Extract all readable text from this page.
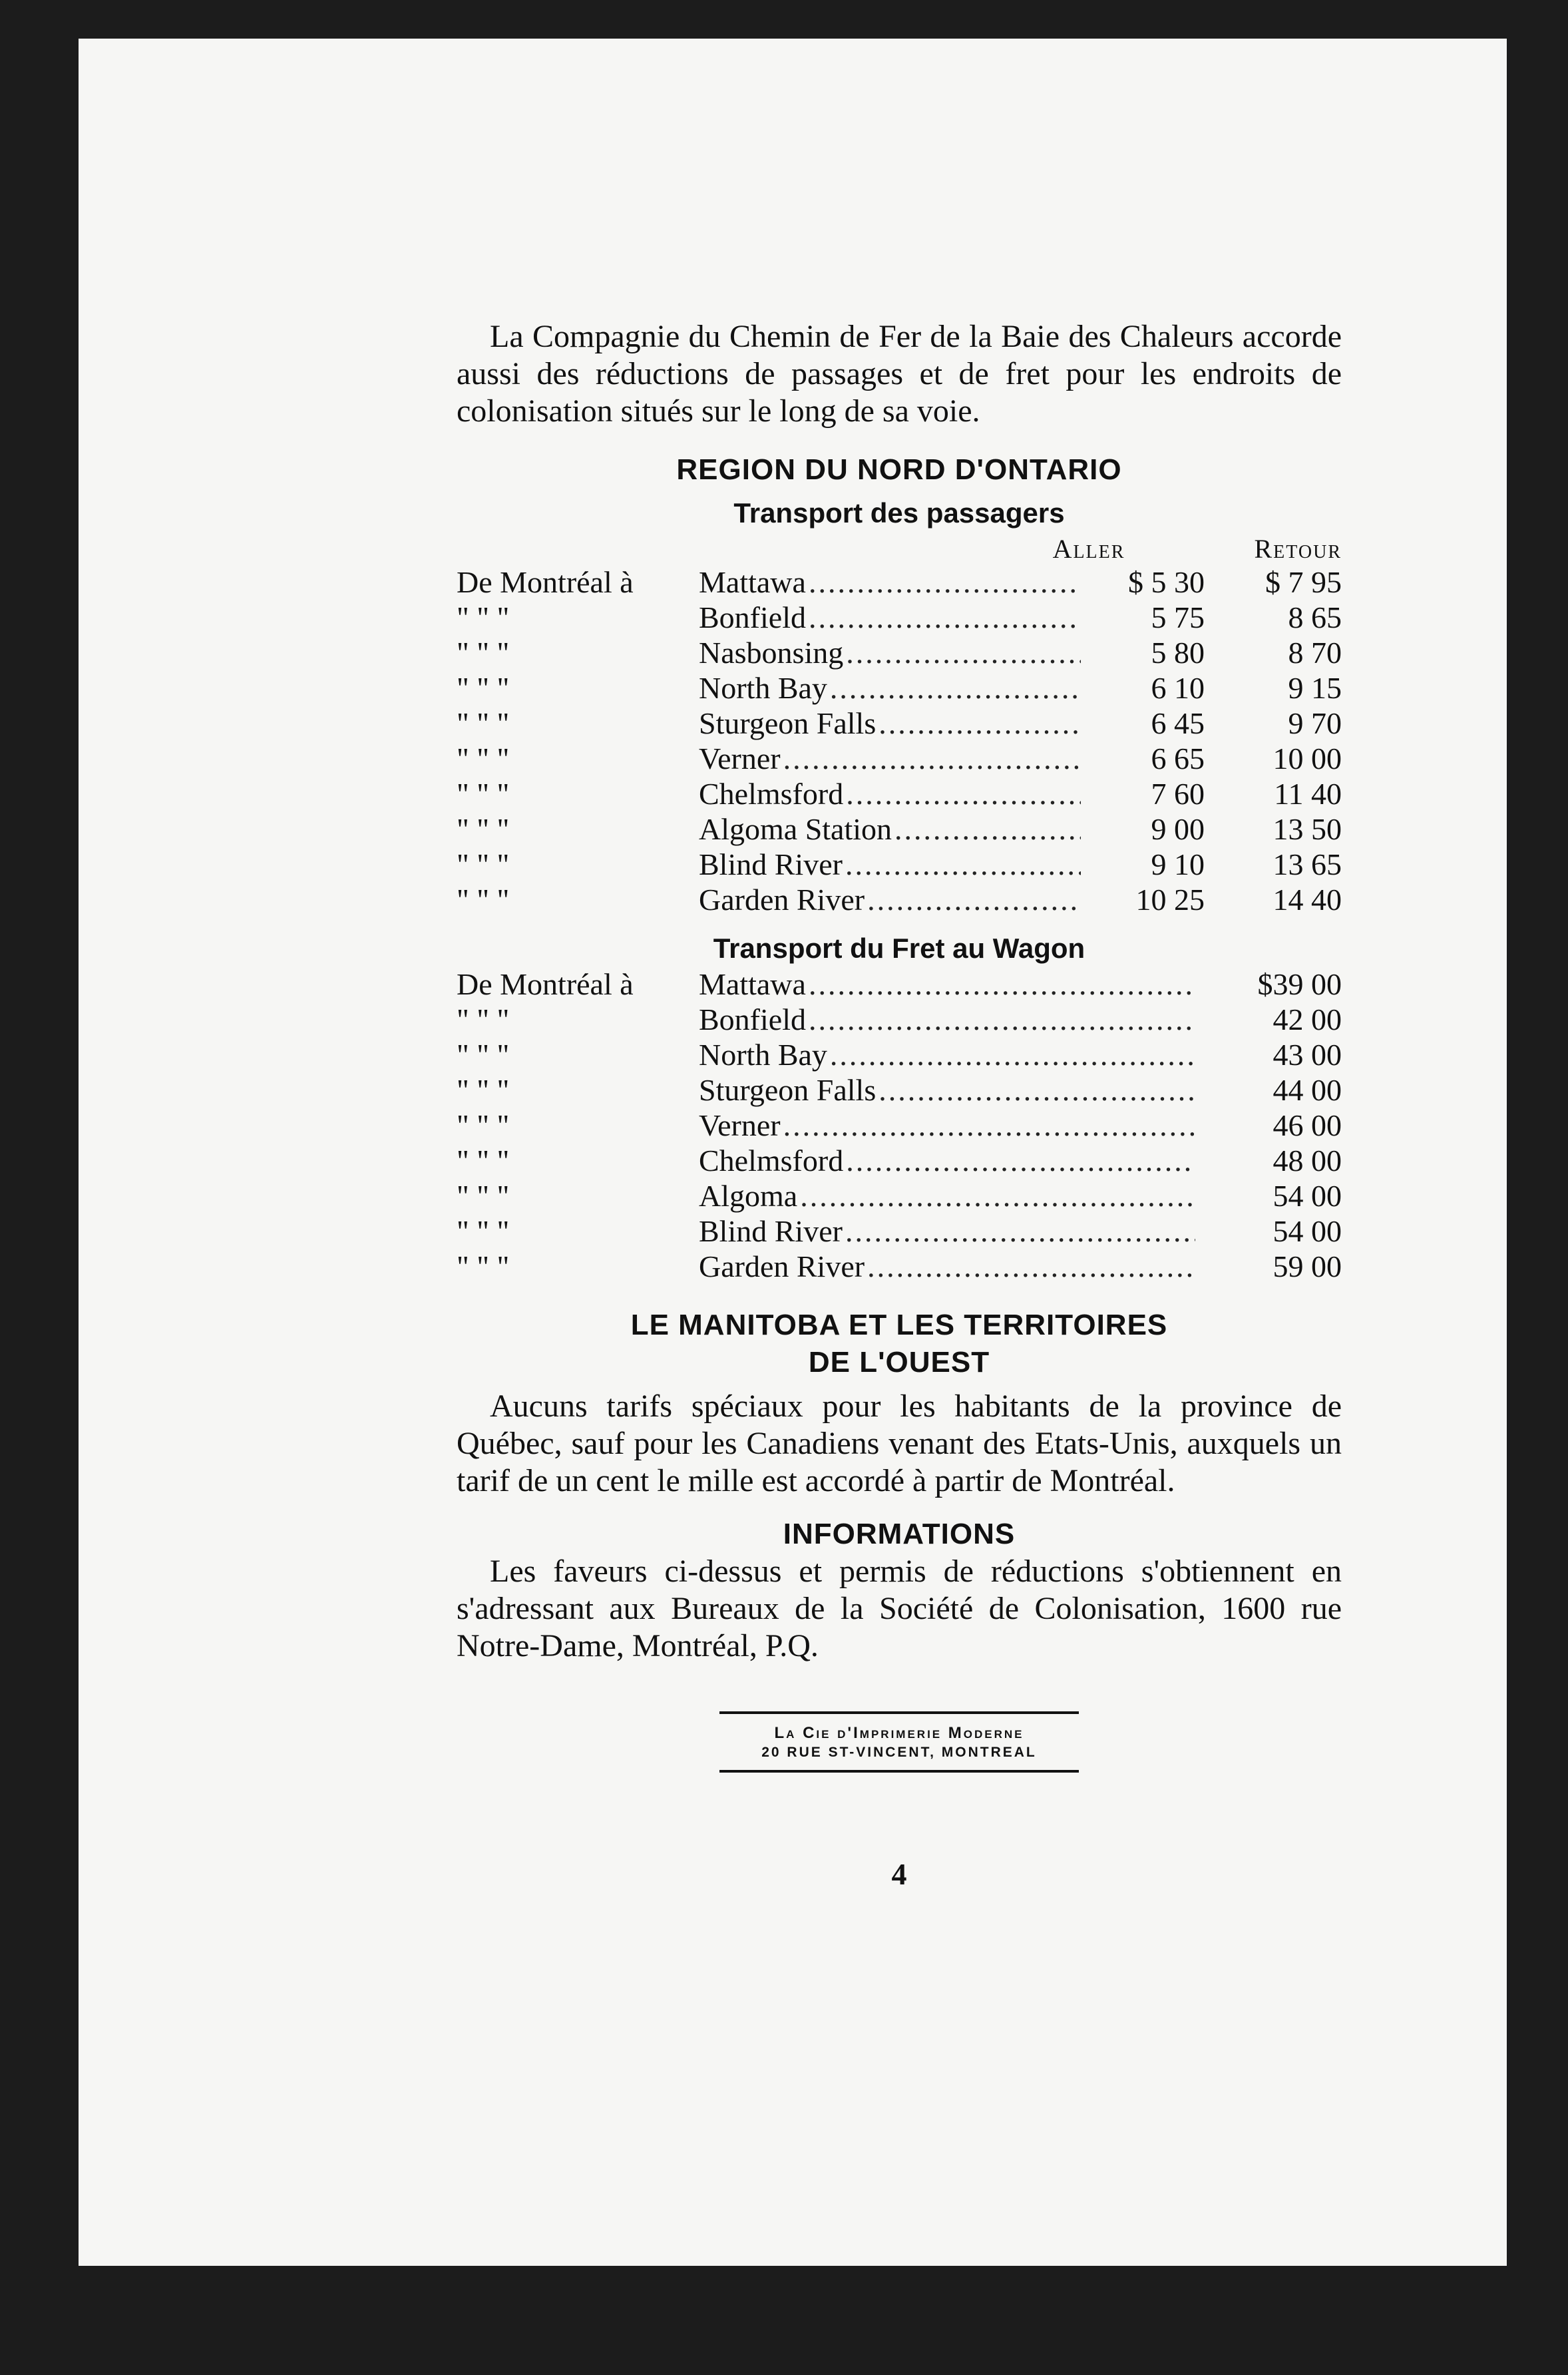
La Compagnie du Chemin de Fer de la Baie des Chaleurs accorde aussi des réductions de passages et de fret pour les endroits de colonisation situés sur le long de sa voie.

REGION DU NORD D'ONTARIO

Transport des passagers

Aller	Retour
De Montréal à	Mattawa .....	$ 5 30	$ 7 95
" " "	Bonfield .....	5 75	8 65
" " "	Nasbonsing .....	5 80	8 70
" " "	North Bay .....	6 10	9 15
" " "	Sturgeon Falls .....	6 45	9 70
" " "	Verner .....	6 65	10 00
" " "	Chelmsford .....	7 60	11 40
" " "	Algoma Station .....	9 00	13 50
" " "	Blind River .....	9 10	13 65
" " "	Garden River .....	10 25	14 40

Transport du Fret au Wagon

De Montréal à	Mattawa .....	$39 00
" " "	Bonfield .....	42 00
" " "	North Bay .....	43 00
" " "	Sturgeon Falls .....	44 00
" " "	Verner .....	46 00
" " "	Chelmsford .....	48 00
" " "	Algoma .....	54 00
" " "	Blind River .....	54 00
" " "	Garden River .....	59 00

LE MANITOBA ET LES TERRITOIRES

DE L'OUEST

Aucuns tarifs spéciaux pour les habitants de la province de Québec, sauf pour les Canadiens venant des Etats-Unis, auxquels un tarif de un cent le mille est accordé à partir de Montréal.

INFORMATIONS

Les faveurs ci-dessus et permis de réductions s'obtiennent en s'adressant aux Bureaux de la Société de Colonisation, 1600 rue Notre-Dame, Montréal, P.Q.

La Cie d'Imprimerie Moderne
20 RUE ST-VINCENT, MONTREAL
4
